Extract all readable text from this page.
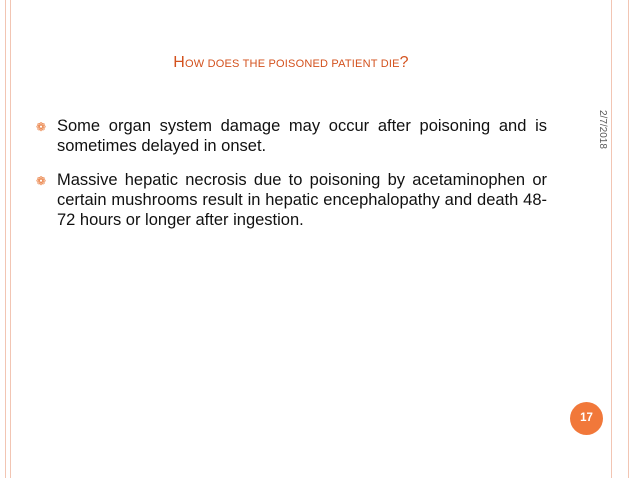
HOW DOES THE POISONED PATIENT DIE?
2/7/2018
❁ Some organ system damage may occur after poisoning and is sometimes delayed in onset.
❁ Massive hepatic necrosis due to poisoning by acetaminophen or certain mushrooms result in hepatic encephalopathy and death 48-72 hours or longer after ingestion.
17
